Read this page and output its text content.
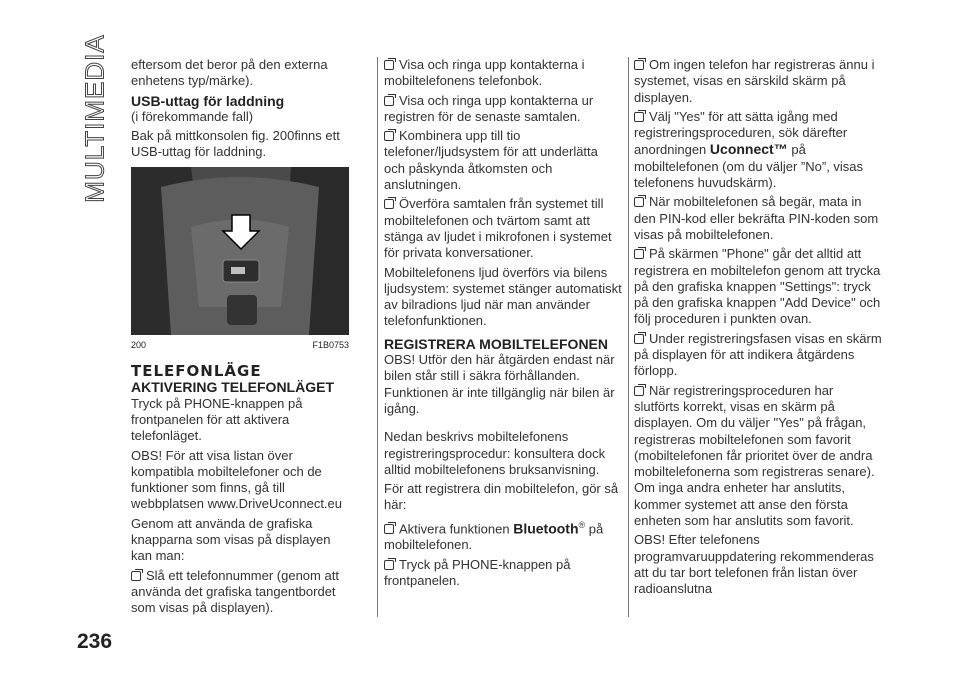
MULTIMEDIA
236

eftersom det beror på den externa enhetens typ/märke).

USB-uttag för laddning

(i förekommande fall)

Bak på mittkonsolen fig. 200finns ett USB-uttag för laddning.

200	F1B0753
TELEFONLÄGE
AKTIVERING TELEFONLÄGET

Tryck på PHONE-knappen på frontpanelen för att aktivera telefonläget.

OBS! För att visa listan över kompatibla mobiltelefoner och de funktioner som finns, gå till webbplatsen www.DriveUconnect.eu

Genom att använda de grafiska knapparna som visas på displayen kan man:

Slå ett telefonnummer (genom att använda det grafiska tangentbordet som visas på displayen).

Visa och ringa upp kontakterna i mobiltelefonens telefonbok.

Visa och ringa upp kontakterna ur registren för de senaste samtalen.

Kombinera upp till tio telefoner/ljudsystem för att underlätta och påskynda åtkomsten och anslutningen.

Överföra samtalen från systemet till mobiltelefonen och tvärtom samt att stänga av ljudet i mikrofonen i systemet för privata konversationer.

Mobiltelefonens ljud överförs via bilens ljudsystem: systemet stänger automatiskt av bilradions ljud när man använder telefonfunktionen.

REGISTRERA MOBILTELEFONEN

OBS! Utför den här åtgärden endast när bilen står still i säkra förhållanden. Funktionen är inte tillgänglig när bilen är igång.

Nedan beskrivs mobiltelefonens registreringsprocedur: konsultera dock alltid mobiltelefonens bruksanvisning.

För att registrera din mobiltelefon, gör så här:

Aktivera funktionen Bluetooth® på mobiltelefonen.

Tryck på PHONE-knappen på frontpanelen.

Om ingen telefon har registreras ännu i systemet, visas en särskild skärm på displayen.

Välj "Yes" för att sätta igång med registreringsproceduren, sök därefter anordningen Uconnect™ på mobiltelefonen (om du väljer ”No”, visas telefonens huvudskärm).

När mobiltelefonen så begär, mata in den PIN-kod eller bekräfta PIN-koden som visas på mobiltelefonen.

På skärmen "Phone" går det alltid att registrera en mobiltelefon genom att trycka på den grafiska knappen "Settings": tryck på den grafiska knappen "Add Device" och följ proceduren i punkten ovan.

Under registreringsfasen visas en skärm på displayen för att indikera åtgärdens förlopp.

När registreringsproceduren har slutförts korrekt, visas en skärm på displayen. Om du väljer "Yes" på frågan, registreras mobiltelefonen som favorit (mobiltelefonen får prioritet över de andra mobiltelefonerna som registreras senare). Om inga andra enheter har anslutits, kommer systemet att anse den första enheten som har anslutits som favorit.

OBS! Efter telefonens programvaruuppdatering rekommenderas att du tar bort telefonen från listan över radioanslutna
